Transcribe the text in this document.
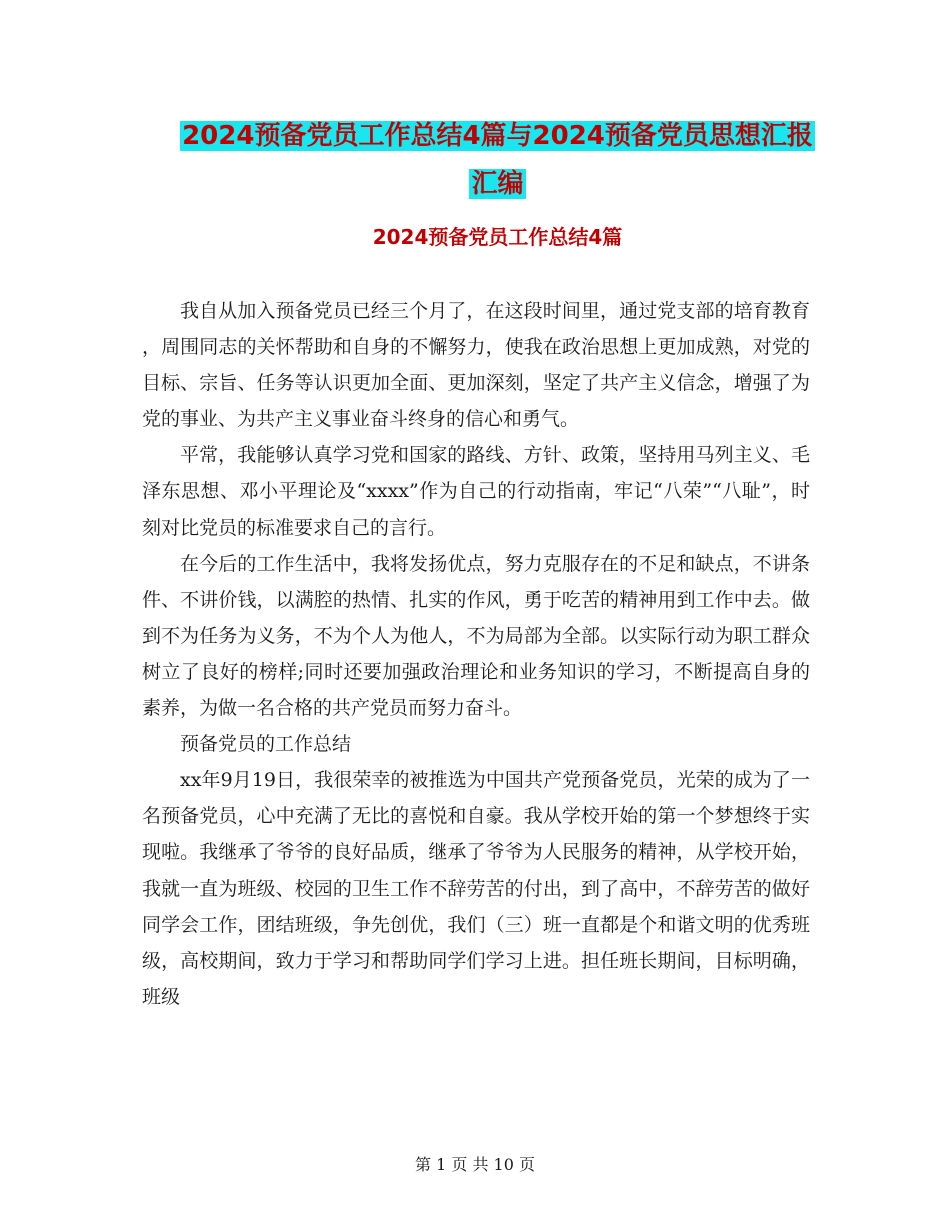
2024预备党员工作总结4篇与2024预备党员思想汇报
汇编
2024预备党员工作总结4篇

我自从加入预备党员已经三个月了，在这段时间里，通过党支部的培育教育 ，周围同志的关怀帮助和自身的不懈努力，使我在政治思想上更加成熟，对党的目标、宗旨、任务等认识更加全面、更加深刻，坚定了共产主义信念，增强了为党的事业、为共产主义事业奋斗终身的信心和勇气。

平常，我能够认真学习党和国家的路线、方针、政策，坚持用马列主义、毛泽东思想、邓小平理论及“xxxx”作为自己的行动指南，牢记“八荣”“八耻”，时刻对比党员的标准要求自己的言行。

在今后的工作生活中，我将发扬优点，努力克服存在的不足和缺点，不讲条件、不讲价钱，以满腔的热情、扎实的作风，勇于吃苦的精神用到工作中去。做到不为任务为义务，不为个人为他人，不为局部为全部。以实际行动为职工群众树立了良好的榜样;同时还要加强政治理论和业务知识的学习，不断提高自身的素养，为做一名合格的共产党员而努力奋斗。

预备党员的工作总结

xx年9月19日，我很荣幸的被推选为中国共产党预备党员，光荣的成为了一名预备党员，心中充满了无比的喜悦和自豪。我从学校开始的第一个梦想终于实现啦。我继承了爷爷的良好品质，继承了爷爷为人民服务的精神，从学校开始，我就一直为班级、校园的卫生工作不辞劳苦的付出，到了高中，不辞劳苦的做好同学会工作，团结班级，争先创优，我们（三）班一直都是个和谐文明的优秀班级，高校期间，致力于学习和帮助同学们学习上进。担任班长期间，目标明确，班级

第 1 页 共 10 页
